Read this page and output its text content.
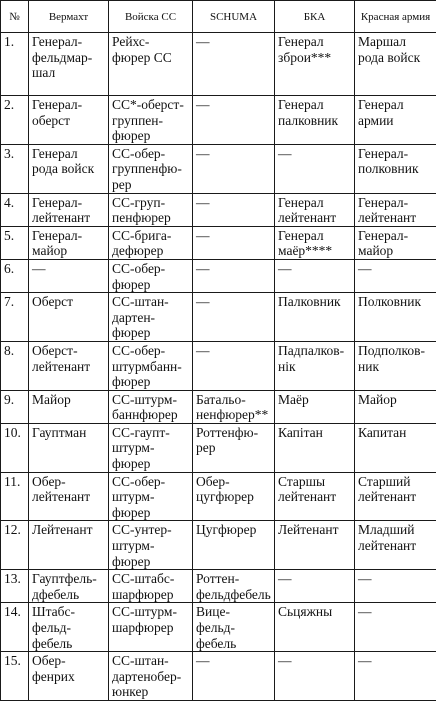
№	Вермахт	Войска СС	SCHUMA	БКА	Красная армия
1.	Генерал-
фельдмар-
шал	Рейхс-
фюрер СС	—	Генерал
збрoи***	Маршал
рода войск
2.	Генерал-
оберст	СС*-оберст-
группен-
фюрер	—	Генерал
палковник	Генерал
армии
3.	Генерал
рода войск	СС-обер-
группенфю-
рер	—	—	Генерал-
полковник
4.	Генерал-
лейтенант	СС-груп-
пенфюрер	—	Генерал
лейтенант	Генерал-
лейтенант
5.	Генерал-
майор	СС-бригa-
дефюрер	—	Генерал
маёр****	Генерал-
майор
6.	—	СС-обер-
фюрер	—	—	—
7.	Оберст	СС-штан-
дартен-
фюрер	—	Палковник	Полковник
8.	Оберст-
лейтенант	СС-обер-
штурмбанн-
фюрер	—	Падпалков-
нік	Подполков-
ник
9.	Майор	СС-штурм-
баннфюрер	Батальо-
ненфюрер**	Маёр	Майор
10.	Гауптман	СС-гаупт-
штурм-
фюрер	Роттенфю-
рер	Капітан	Капитан
11.	Обер-
лейтенант	СС-обер-
штурм-
фюрер	Обер-
цугфюрер	Старшы
лейтенант	Старший
лейтенант
12.	Лейтенант	СС-унтер-
штурм-
фюрер	Цугфюрер	Лейтенант	Младший
лейтенант
13.	Гауптфель-
дфебель	СС-штабс-
шарфюрер	Роттен-
фельдфебель	—	—
14.	Штабс-
фельд-
фебель	СС-штурм-
шарфюрер	Вице-
фельд-
фебель	Сьцяжны	—
15.	Обер-
фенрих	СС-штан-
дартенобер-
юнкер	—	—	—
